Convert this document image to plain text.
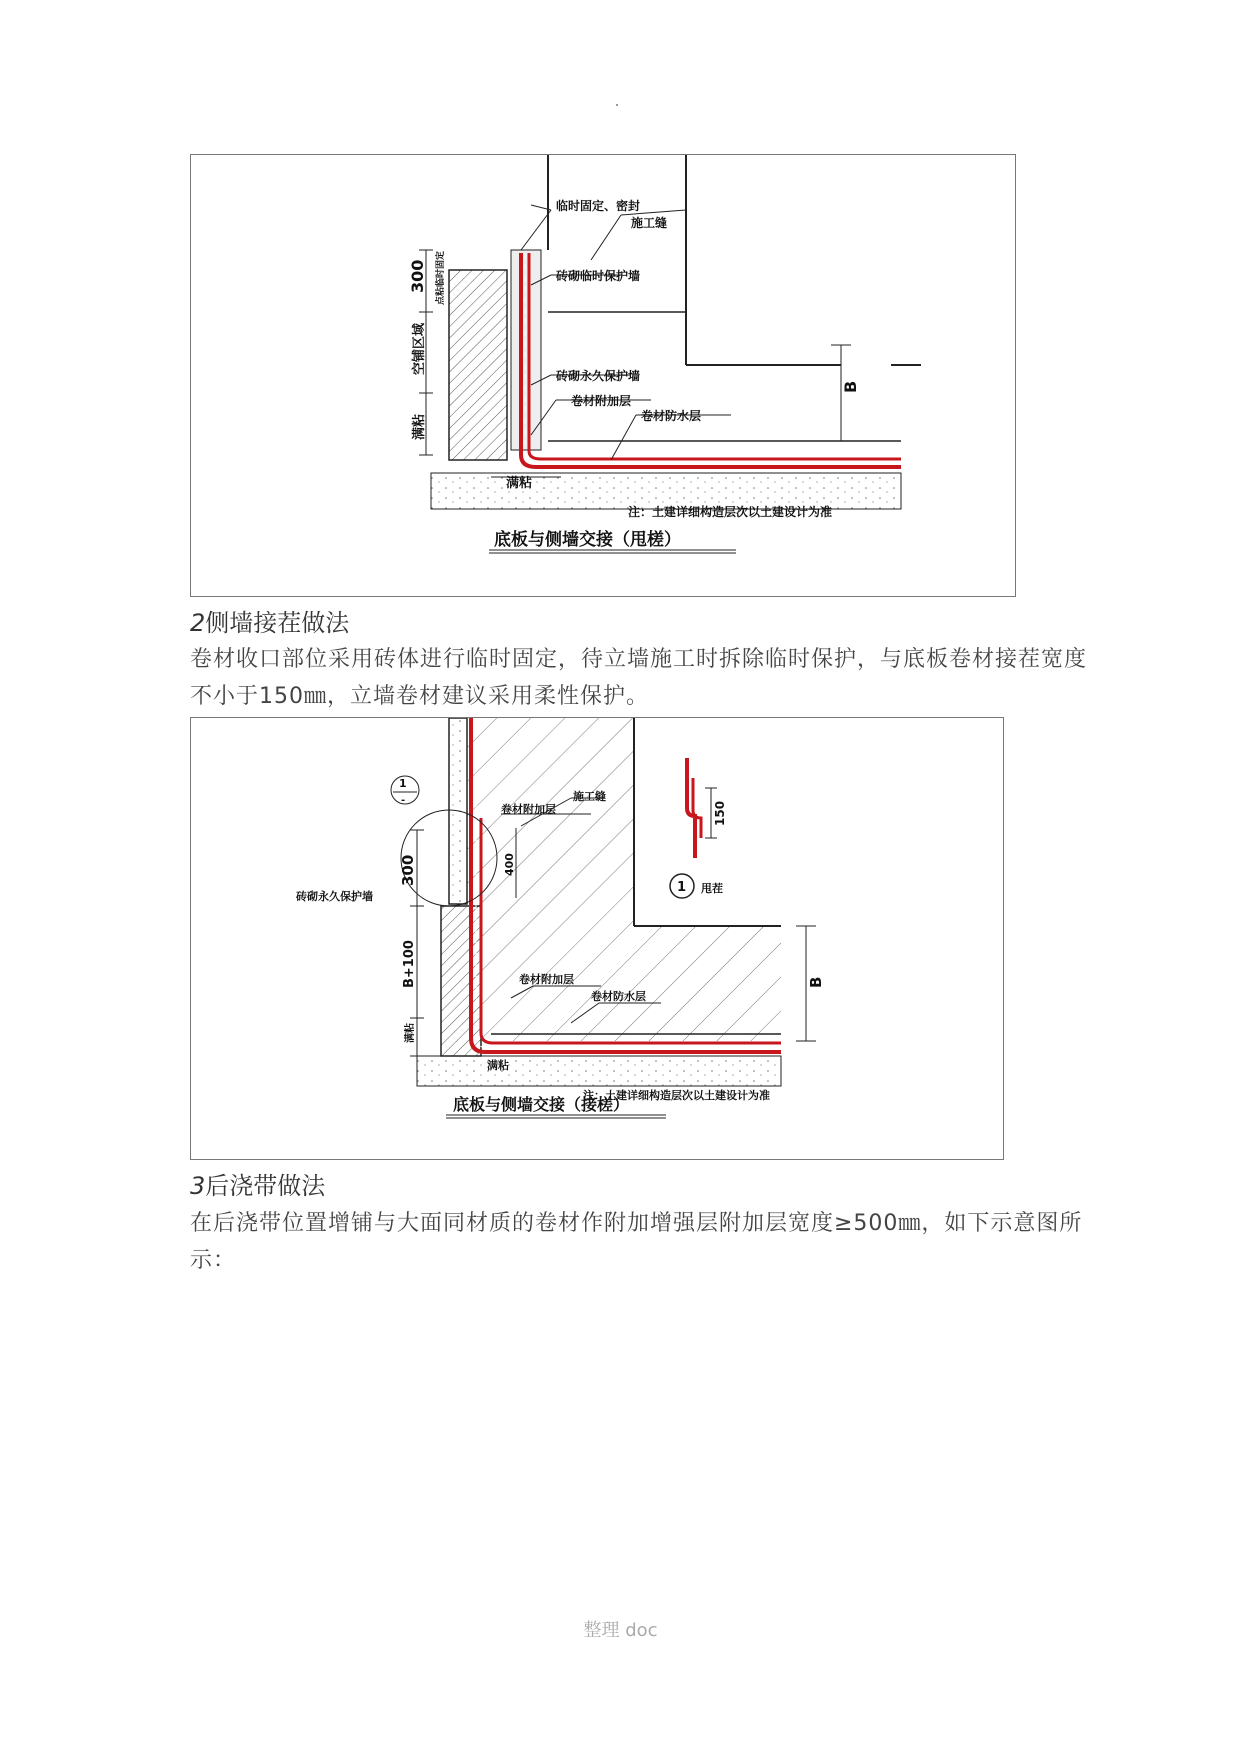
临时固定、密封
施工缝
砖砌临时保护墙
砖砌永久保护墙
卷材附加层
卷材防水层
300 点粘临时固定
空铺区域
满粘
满粘
B
注：土建详细构造层次以土建设计为准
底板与侧墙交接（甩槎）
2侧墙接茬做法
卷材收口部位采用砖体进行临时固定，待立墙施工时拆除临时保护，与底板卷材接茬宽度不小于150㎜，立墙卷材建议采用柔性保护。
1
-	施工缝
卷材附加层
400
300
砖砌永久保护墙
B+100
满粘
卷材附加层
卷材防水层
满粘
B
150
1 甩茬
注：土建详细构造层次以土建设计为准
底板与侧墙交接（接槎）
3后浇带做法
在后浇带位置增铺与大面同材质的卷材作附加增强层附加层宽度≥500㎜，如下示意图所示：
整理 doc
